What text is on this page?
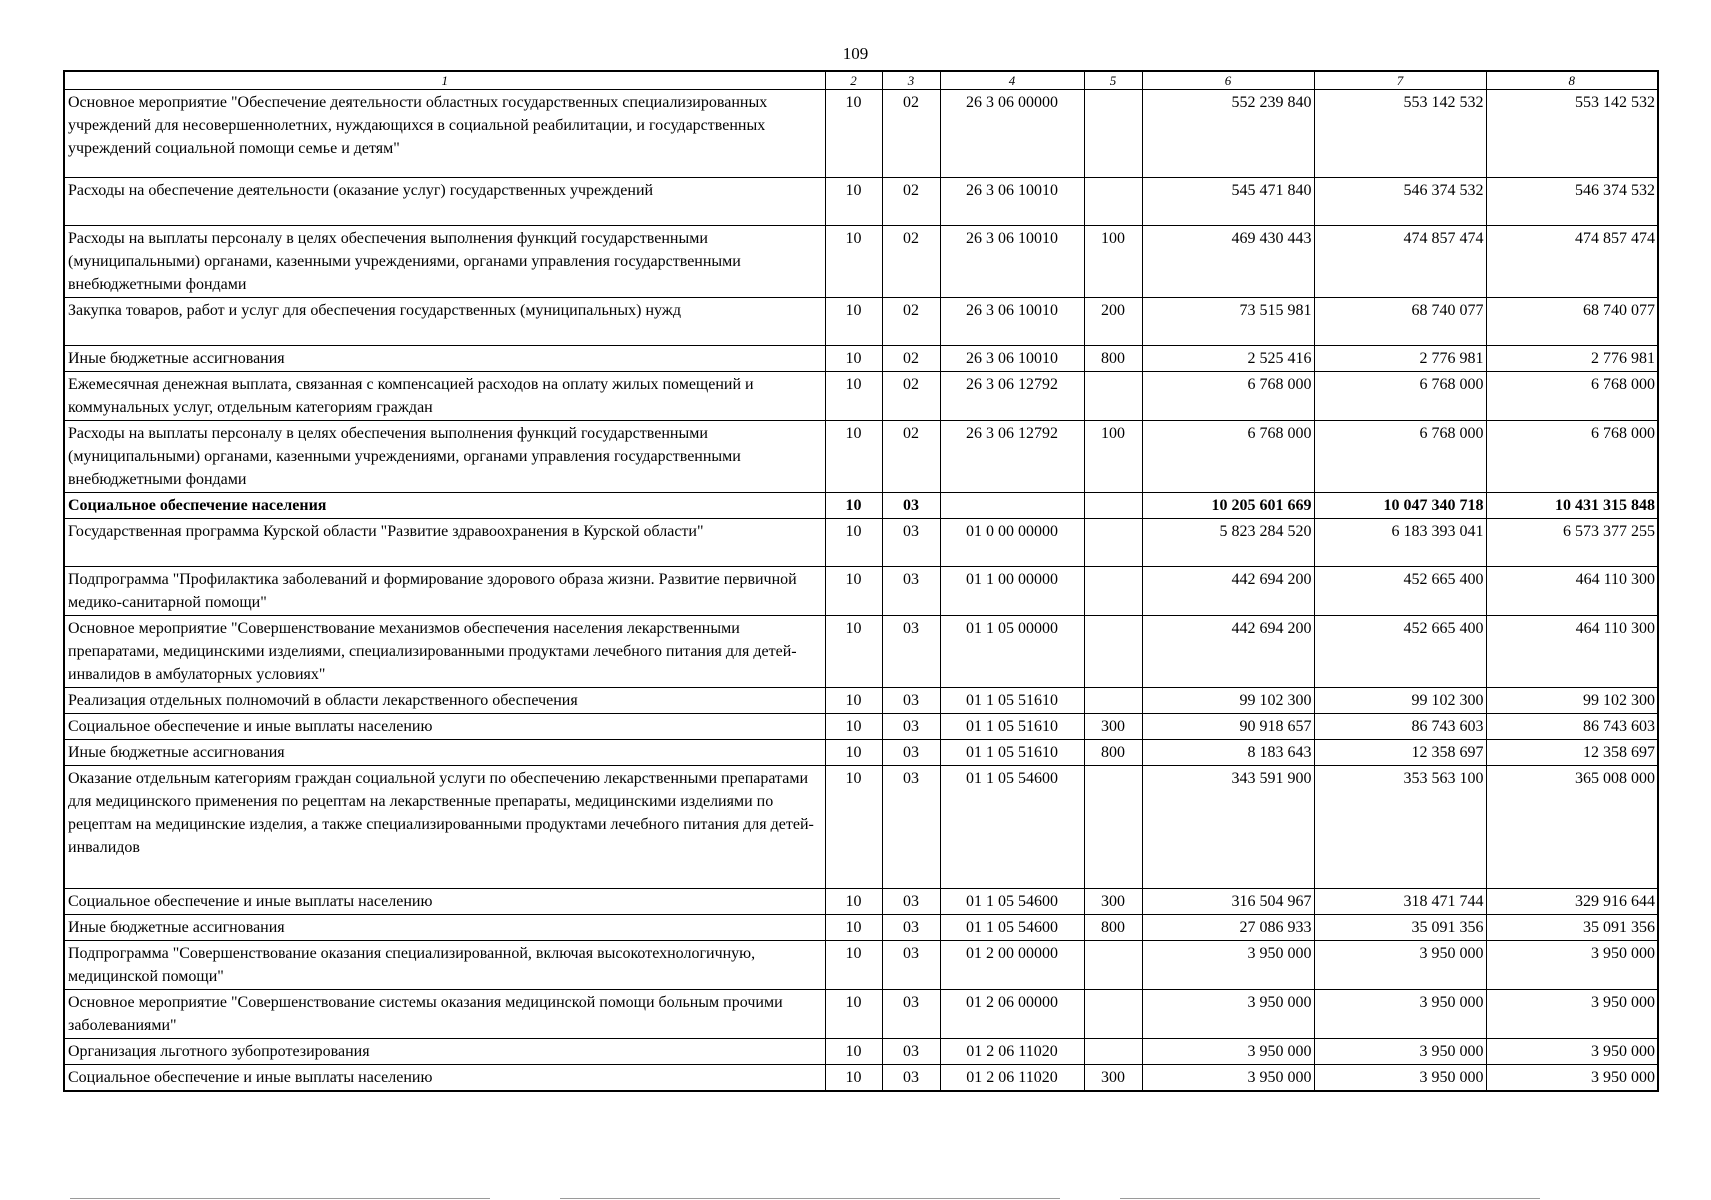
109
1	2	3	4	5	6	7	8
Основное мероприятие "Обеспечение деятельности областных государственных специализированных учреждений для несовершеннолетних, нуждающихся в социальной реабилитации, и государственных учреждений социальной помощи семье и детям"	10	02	26 3 06 00000		552 239 840	553 142 532	553 142 532
Расходы на обеспечение деятельности (оказание услуг) государственных учреждений	10	02	26 3 06 10010		545 471 840	546 374 532	546 374 532
Расходы на выплаты персоналу в целях обеспечения выполнения функций государственными (муниципальными) органами, казенными учреждениями, органами управления государственными внебюджетными фондами	10	02	26 3 06 10010	100	469 430 443	474 857 474	474 857 474
Закупка товаров, работ и услуг для обеспечения государственных (муниципальных) нужд	10	02	26 3 06 10010	200	73 515 981	68 740 077	68 740 077
Иные бюджетные ассигнования	10	02	26 3 06 10010	800	2 525 416	2 776 981	2 776 981
Ежемесячная денежная выплата, связанная с компенсацией расходов на оплату жилых помещений и коммунальных услуг, отдельным категориям граждан	10	02	26 3 06 12792		6 768 000	6 768 000	6 768 000
Расходы на выплаты персоналу в целях обеспечения выполнения функций государственными (муниципальными) органами, казенными учреждениями, органами управления государственными внебюджетными фондами	10	02	26 3 06 12792	100	6 768 000	6 768 000	6 768 000
Социальное обеспечение населения	10	03			10 205 601 669	10 047 340 718	10 431 315 848
Государственная программа Курской области "Развитие здравоохранения в Курской области"	10	03	01 0 00 00000		5 823 284 520	6 183 393 041	6 573 377 255
Подпрограмма "Профилактика заболеваний и формирование здорового образа жизни. Развитие первичной медико-санитарной помощи"	10	03	01 1 00 00000		442 694 200	452 665 400	464 110 300
Основное мероприятие "Совершенствование механизмов обеспечения населения лекарственными препаратами, медицинскими изделиями, специализированными продуктами лечебного питания для детей-инвалидов в амбулаторных условиях"	10	03	01 1 05 00000		442 694 200	452 665 400	464 110 300
Реализация отдельных полномочий в области лекарственного обеспечения	10	03	01 1 05 51610		99 102 300	99 102 300	99 102 300
Социальное обеспечение и иные выплаты населению	10	03	01 1 05 51610	300	90 918 657	86 743 603	86 743 603
Иные бюджетные ассигнования	10	03	01 1 05 51610	800	8 183 643	12 358 697	12 358 697
Оказание отдельным категориям граждан социальной услуги по обеспечению лекарственными препаратами для медицинского применения по рецептам на лекарственные препараты, медицинскими изделиями по рецептам на медицинские изделия, а также специализированными продуктами лечебного питания для детей-инвалидов	10	03	01 1 05 54600		343 591 900	353 563 100	365 008 000
Социальное обеспечение и иные выплаты населению	10	03	01 1 05 54600	300	316 504 967	318 471 744	329 916 644
Иные бюджетные ассигнования	10	03	01 1 05 54600	800	27 086 933	35 091 356	35 091 356
Подпрограмма "Совершенствование оказания специализированной, включая высокотехнологичную, медицинской помощи"	10	03	01 2 00 00000		3 950 000	3 950 000	3 950 000
Основное мероприятие "Совершенствование системы оказания медицинской помощи больным прочими заболеваниями"	10	03	01 2 06 00000		3 950 000	3 950 000	3 950 000
Организация льготного зубопротезирования	10	03	01 2 06 11020		3 950 000	3 950 000	3 950 000
Социальное обеспечение и иные выплаты населению	10	03	01 2 06 11020	300	3 950 000	3 950 000	3 950 000
